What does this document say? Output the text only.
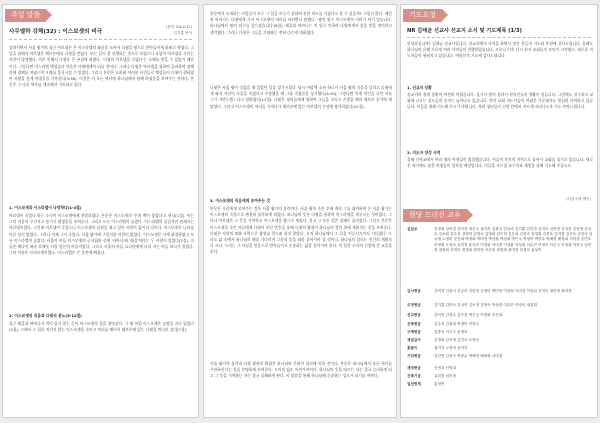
주일 말씀
사무엘하 강해(32) : 이스보셋의 비극
(삼하 3:6-4:12)
김기훈 목사
강하지면서 사울 왕가의 장군 아브넬은 온 이스라엘의 화음을 모아서 다윗을 왕으로 받아들이게 하려고 하였다. 그 일을 위해서 아브넬은 헤브론에서 다윗을 만났다. 또는 일이 잘 진행되는 것으로 보였으나 요압이 아브넬을 죽이는 사건이 발생했다. 이로 인해서 다윗은 큰 곤경에 처했다. '다윗이 아브넬을 죽였다'는 오해를 받을 수 있었기 때문이다. 그렇다면 이스라엘 백성들의 마음은 다윗에게서 떠날 것이다. 그러나 다윗은 아브넬을 위하여 슬퍼하며 장례식에 경례를 지냈으며 오해를 불식시킬 수 있었다. 그리고 본문은 오히려 이러한 사건들로 백성들이 다윗이 행하였던 사랑을 좋게 여겼음을 기록한다(3:36). 이것은 이 모든 역사에 하나님께서 함께 하셨음을 보여주는 것이다. 본문은 그 다음 역사를 계속해서 기록하고 있다.
1. 이스보셋과 이스라엘이 낙망하다(1-4절)
아브넬이 죽었다 하는 소식이 이스보셋에게 전달되었다. 본문은 이스보셋의 '손의 맥이 풀렸다'고 한다(1절). 이는 그의 마음이 무너지고 용기가 꺾였음을 보여준다. 그리고 모든 이스라엘이 놀랐다. 이스라엘의 실질적인 권세자는 아브넬이었다. 그런데 아브넬이 죽었으니 이스보셋의 실권을 쥐고 있던 사람이 없어진 것이다. 이스보셋은 나라를 이끌 힘이 없었다. 그러나 이제 그가 죽었다. 사울 왕가에 그럼직한 사람이 없었다. 이스보셋은 크게 좌절하였고 모든 이스라엘이 놀랐다. 사울의 아들 이스보셋의 군지휘관 중에 '바아나'와 '레갑'이라는 두 사람이 있었다(2절). 이들은 베냐민 족속 브에롯 사람 림몬의 아들이었다. 그리고 사울의 아들 요나단에게 다리 저는 아들 하나가 있었다. 그의 이름은 므비보셋이었다. 이스라엘은 큰 혼란에 빠졌다.
2. 이스보셋의 죽음과 다윗의 분노(5-12절)
장군 레갑과 바아나가 적어 있지 않는 듯이 이스보셋의 집을 찾아갔다. 그 때 마침 이스보셋은 낮잠을 자고 있었다(5절). 그래서 그 집은 지키지 않는 이스보셋을 죽이고 머리를 베어서 헤브론에 있는 다윗을 만나러 갔다(7절).
본문에서 소개하는 사람들이 모두 그 일을 이루기 위하여 선한 의도를 가졌다고 볼 수 있을까? 그렇지 않다. 레갑과 바아나는 다윗에게 가서 이스보셋의 머리를 바치면서 말했다. '왕의 원수 이스보셋의 머리가 여기 있습니다. 하나님께서 왕의 원수를 갚으셨습니다'(8절). 레갑과 바아나는 이 일로 인하여 다윗에게서 상을 받을 것이라고 생각했다. 그러나 다윗은 그들을 기대와는 전혀 다르게 대하였다.
다윗은 사울 왕이 죽었을 때 일었던 일을 상기시켰다. 당시 아말렉 소년 하나가 사울 왕의 죽음을 알리고 다윗에게 와서 자신이 사울을 죽였다고 주장했을 때 그를 죽였음을 상기했다(4:10). 그렇다면 이제 의인을 죽인 자를 그가 가만두겠느냐고 말하였다(11절). 다윗은 청년들에게 명하여 그들을 죽이고 손발을 베어 헤브론 못가에 매달았다. 그리고 이스보셋의 머리를 가져다가 헤브론에 있는 아브넬의 무덤에 장사하였다(12절).
3. 이스보셋의 죽음에게 보여주는 것
본문은 우리에게 보여주는 것은 사울 왕가의 몰락이다. 사울 왕이 죽은 후에 계속 그를 대적하여 온 사울 왕가는 이스보셋의 죽음으로 완전히 몰락하게 되었다. 하나님의 뜻은 다윗을 통하여 이스라엘을 세우시는 것이었다. 그러나 아브넬은 그 뜻을 거역하고 이스보셋을 왕으로 세웠다. 결국 그 모든 일은 실패로 돌아갔다. 그리고 본문은 이스보셋을 죽인 자들에게 다윗이 보인 반응을 통해 다윗의 왕권이 하나님의 정의 위에 세워지는 것을 보여준다. 다윗은 사람의 꾀와 폭력으로 왕위를 얻으려 하지 않았다. 오직 하나님께서 그 일을 이루시기까지 기다렸다. 우리도 삶 속에서 하나님의 때를 기다리며 그분의 뜻을 따라 살아가야 할 것이다. 하나님의 섭리는 인간의 계획보다 크다. 우리는 그 사실을 믿음으로 받아들이고 순종하는 삶을 살아가야 한다. 이 일은 우리의 신앙에 큰 교훈을 준다.
사울 왕가의 몰락과 다윗 왕권의 확립은 하나님의 주권적 섭리에 의한 것이다. 본문은 하나님께서 모든 역사를 주관하신다는 것을 분명하게 보여준다. 우리의 삶도 마찬가지이다. 하나님의 뜻을 따르는 자는 결국 승리하게 되고 그 뜻을 거역하는 자는 결국 실패하게 된다. 이 말씀을 통해 하나님께 순종하는 성도가 되기를 바란다.
기도요청
NR 김태균 선교사 선교지 소식 및 기도제목 (1/3)
안녕하십니까? 김태균 선교사입니다. 선교지에서 사역을 하면서 많은 분들의 기도와 후원에 감사드립니다. 올해도 하나님의 은혜 가운데 여러 사역들이 진행되었습니다. 코로나 이후 다시 현지 교회들이 모이기 시작했고, 새로운 지도자들이 세워지고 있습니다. 여러분의 기도에 감사드립니다.
1. 선교지 상황
선교지의 경제 상황이 여전히 어렵습니다. 물가가 많이 올라서 현지인들의 생활이 힘듭니다. 그럼에도 불구하고 교회에 나오는 성도들의 숫자는 늘어나고 있습니다. 현지 교회 지도자들이 어려운 가운데서도 열심히 사역하고 있습니다. 이들을 위해 기도해 주시기 바랍니다. 특히 청년들이 신앙 안에서 바르게 자라나도록 기도 부탁드립니다.
2. 지도자 양성 사역
올해 신학교에서 여러 명의 학생들이 졸업했습니다. 이들이 각자의 지역으로 돌아가 교회를 섬기고 있습니다. 새로운 학기에도 많은 학생들이 입학할 예정입니다. 이들을 가르칠 교수진과 재정을 위해 기도해 주십시오.
(다음주에 계속)
현당 드리신 교우
십일조	강경희 강미경 강석현 곽은주 권기자 김광식 김규리 김기훈 김미경 김미숙 김민정 김상현 김선영 김성수 김소영 김수진 김영미 김영숙 김영희 김은정 김은희 김정숙 김정희 김종호 김지영 김진숙 김현숙 남궁철 노영미 문선희 박경희 박미영 박상철 박성희 박은주 박정미 박종수 박혜경 배정희 서미경 송민호 신영희 오정숙 유미경 윤석진 이경희 이미경 이상훈 이성희 이수진 이영숙 이은주 이정희 이현주 임미정 장영희 전미숙 정경희 정미영 조은희 최경희 최미경 한정숙 홍성민
감사헌금	강미경 김광식 김규리 김미경 김영미 박미영 이경희 이미경 이성희 전미숙 정미영 최미경
주정헌금	김기훈 김미숙 김상현 김소영 김영숙 박성희 이수진 이영숙 정경희
선교헌금	강석현 김성수 김은정 박은주 이정희 조은희
건축헌금	김수진 김정희 박정미 이현주
구제헌금	김종호 이은주 한정숙
생일감사	강경희 김지영 김진숙 오정숙
꽃꽂이	권기자 노영미 윤석진
기타헌금	김선영 김현숙 박종수 박혜경 배정희 서미경
재정헌금	송민호 신영희
건축기금	유미경 임미정
일천번제	홍성민
